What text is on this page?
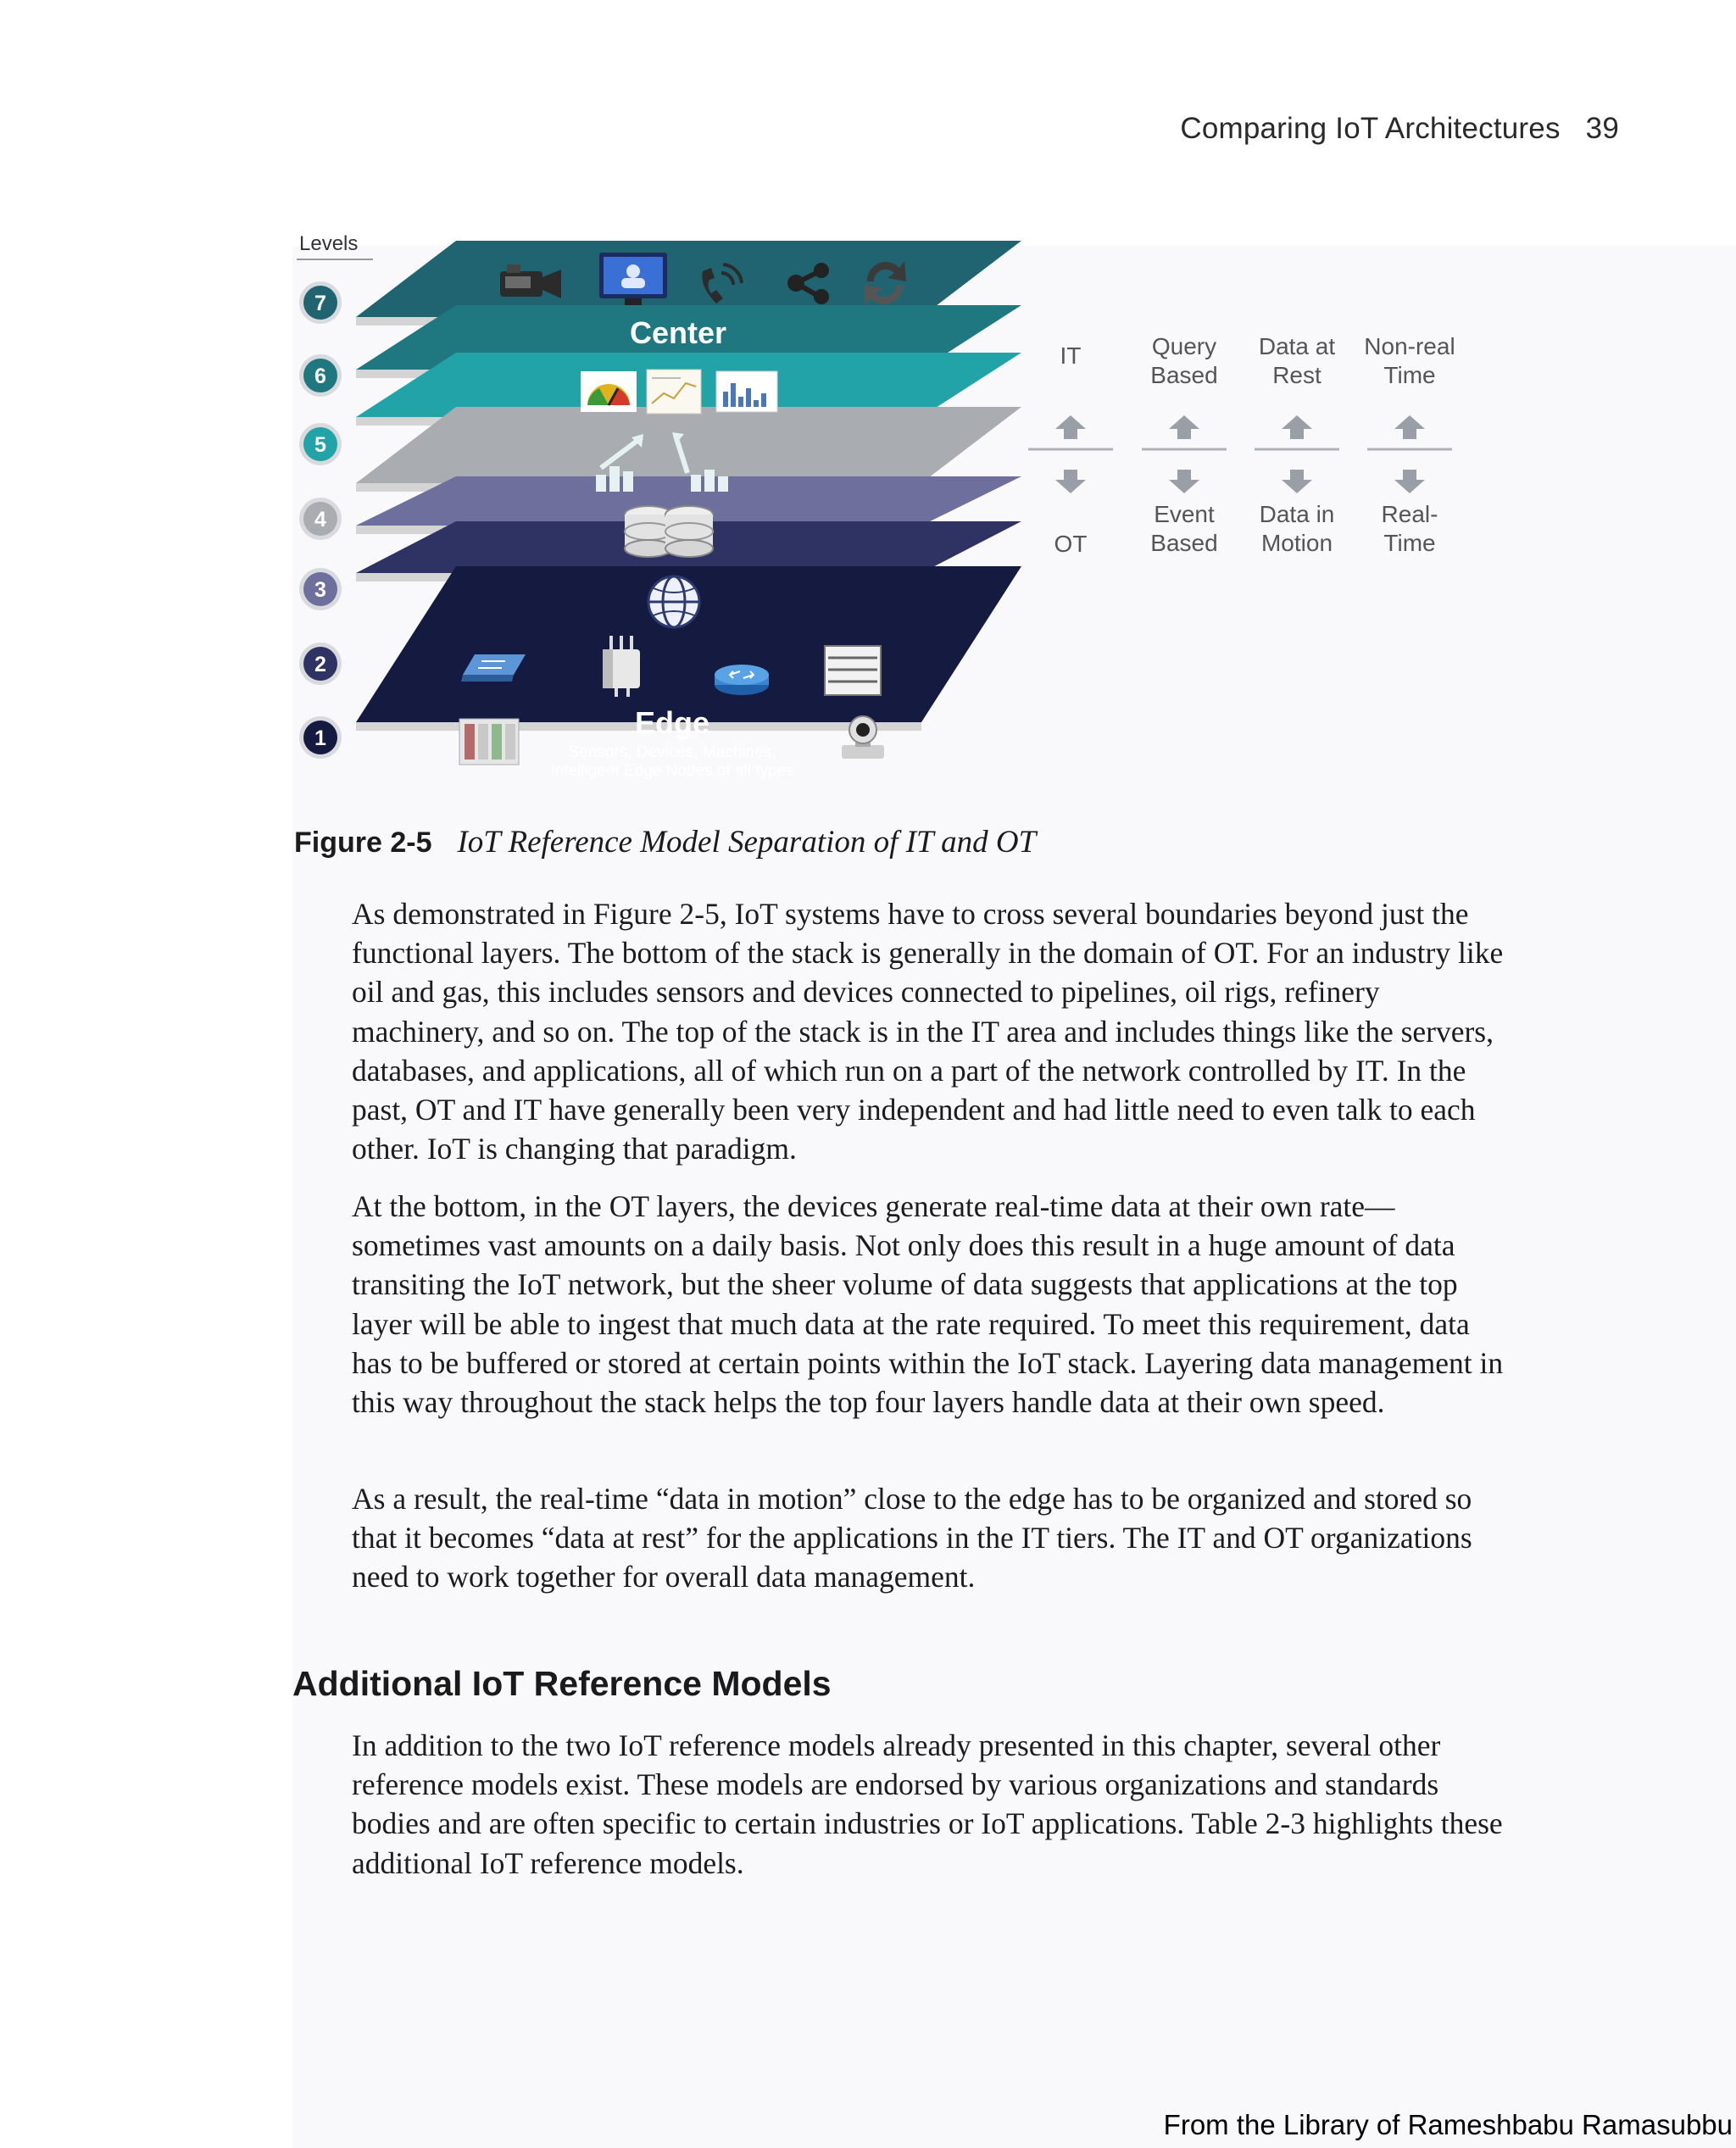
Comparing IoT Architectures 39
7
6
5
4
3
2
1
IT
OT
Query
Based
Event
Based
Data at
Rest
Data in
Motion
Non-real
Time
Real-
Time
Levels
Center
Edge
Sensors, Devices, Machines,
Intelligent Edge Nodes of all types
Figure 2-5 IoT Reference Model Separation of IT and OT

As demonstrated in Figure 2-5, IoT systems have to cross several boundaries beyond just the functional layers. The bottom of the stack is generally in the domain of OT. For an industry like oil and gas, this includes sensors and devices connected to pipelines, oil rigs, refinery machinery, and so on. The top of the stack is in the IT area and includes things like the servers, databases, and applications, all of which run on a part of the network controlled by IT. In the past, OT and IT have generally been very independent and had little need to even talk to each other. IoT is changing that paradigm.

At the bottom, in the OT layers, the devices generate real-time data at their own rate—sometimes vast amounts on a daily basis. Not only does this result in a huge amount of data transiting the IoT network, but the sheer volume of data suggests that applications at the top layer will be able to ingest that much data at the rate required. To meet this requirement, data has to be buffered or stored at certain points within the IoT stack. Layering data management in this way throughout the stack helps the top four layers handle data at their own speed.

As a result, the real-time “data in motion” close to the edge has to be organized and stored so that it becomes “data at rest” for the applications in the IT tiers. The IT and OT organizations need to work together for overall data management.

Additional IoT Reference Models

In addition to the two IoT reference models already presented in this chapter, several other reference models exist. These models are endorsed by various organizations and standards bodies and are often specific to certain industries or IoT applications. Table 2-3 highlights these additional IoT reference models.

From the Library of Rameshbabu Ramasubbu
